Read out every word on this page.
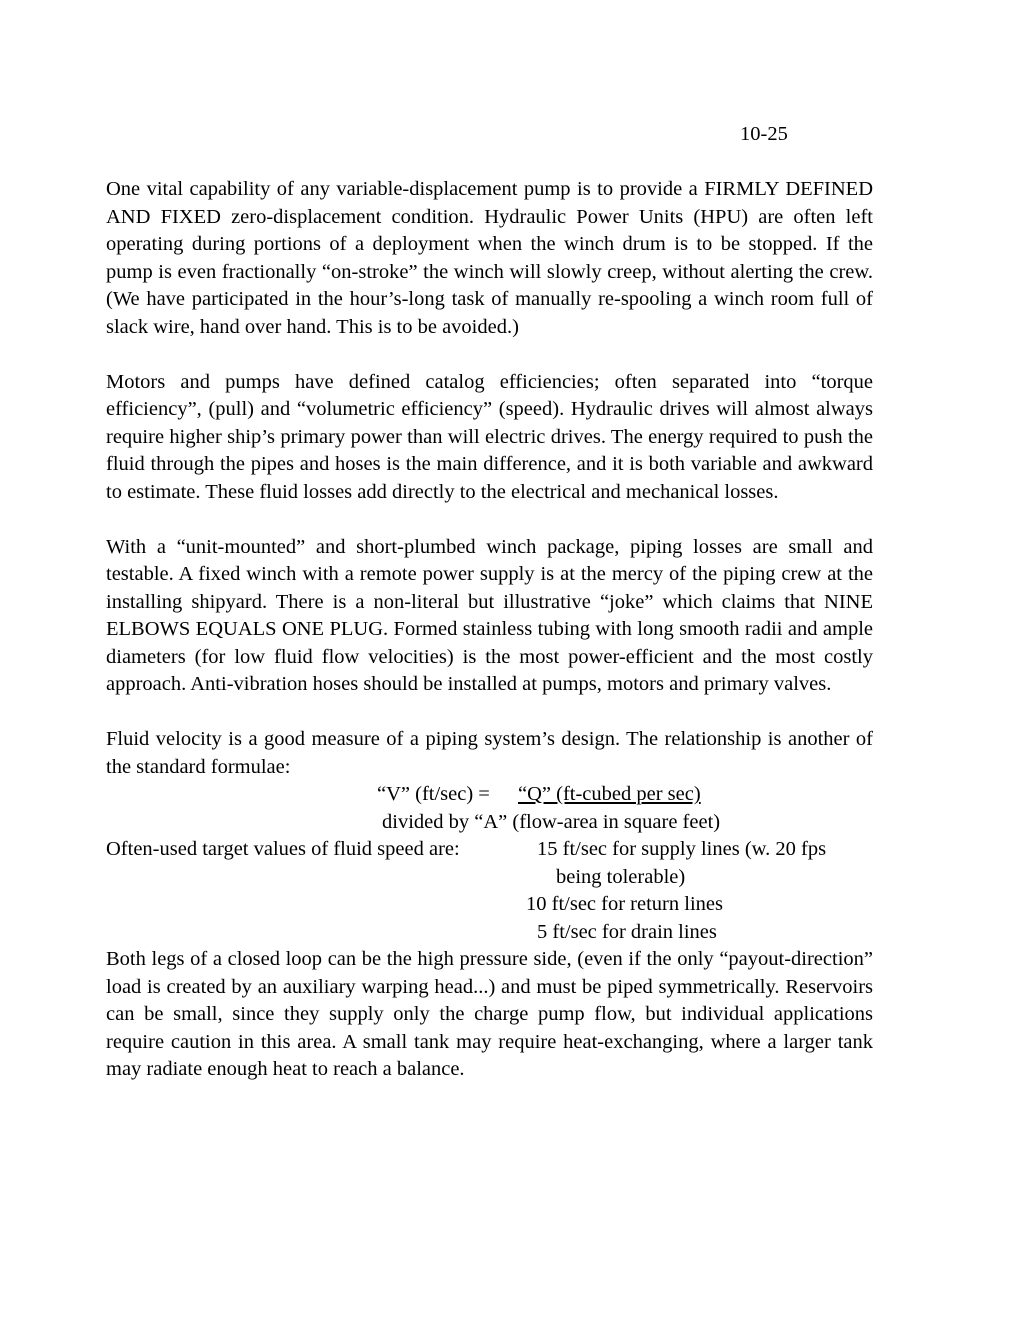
10-25

One vital capability of any variable-displacement pump is to provide a FIRMLY DEFINED AND FIXED zero-displacement condition. Hydraulic Power Units (HPU) are often left operating during portions of a deployment when the winch drum is to be stopped. If the pump is even fractionally “on-stroke” the winch will slowly creep, without alerting the crew. (We have participated in the hour’s-long task of manually re-spooling a winch room full of slack wire, hand over hand. This is to be avoided.)

Motors and pumps have defined catalog efficiencies; often separated into “torque efficiency”, (pull) and “volumetric efficiency” (speed). Hydraulic drives will almost always require higher ship’s primary power than will electric drives. The energy required to push the fluid through the pipes and hoses is the main difference, and it is both variable and awkward to estimate. These fluid losses add directly to the electrical and mechanical losses.

With a “unit-mounted” and short-plumbed winch package, piping losses are small and testable. A fixed winch with a remote power supply is at the mercy of the piping crew at the installing shipyard. There is a non-literal but illustrative “joke” which claims that NINE ELBOWS EQUALS ONE PLUG. Formed stainless tubing with long smooth radii and ample diameters (for low fluid flow velocities) is the most power-efficient and the most costly approach. Anti-vibration hoses should be installed at pumps, motors and primary valves.

Fluid velocity is a good measure of a piping system’s design. The relationship is another of the standard formulae:

“V” (ft/sec) = “Q” (ft-cubed per sec)
divided by “A” (flow-area in square feet)
Often-used target values of fluid speed are:	15 ft/sec for supply lines (w. 20 fps
being tolerable)
10 ft/sec for return lines
5 ft/sec for drain lines

Both legs of a closed loop can be the high pressure side, (even if the only “payout-direction” load is created by an auxiliary warping head...) and must be piped symmetrically. Reservoirs can be small, since they supply only the charge pump flow, but individual applications require caution in this area. A small tank may require heat-exchanging, where a larger tank may radiate enough heat to reach a balance.
